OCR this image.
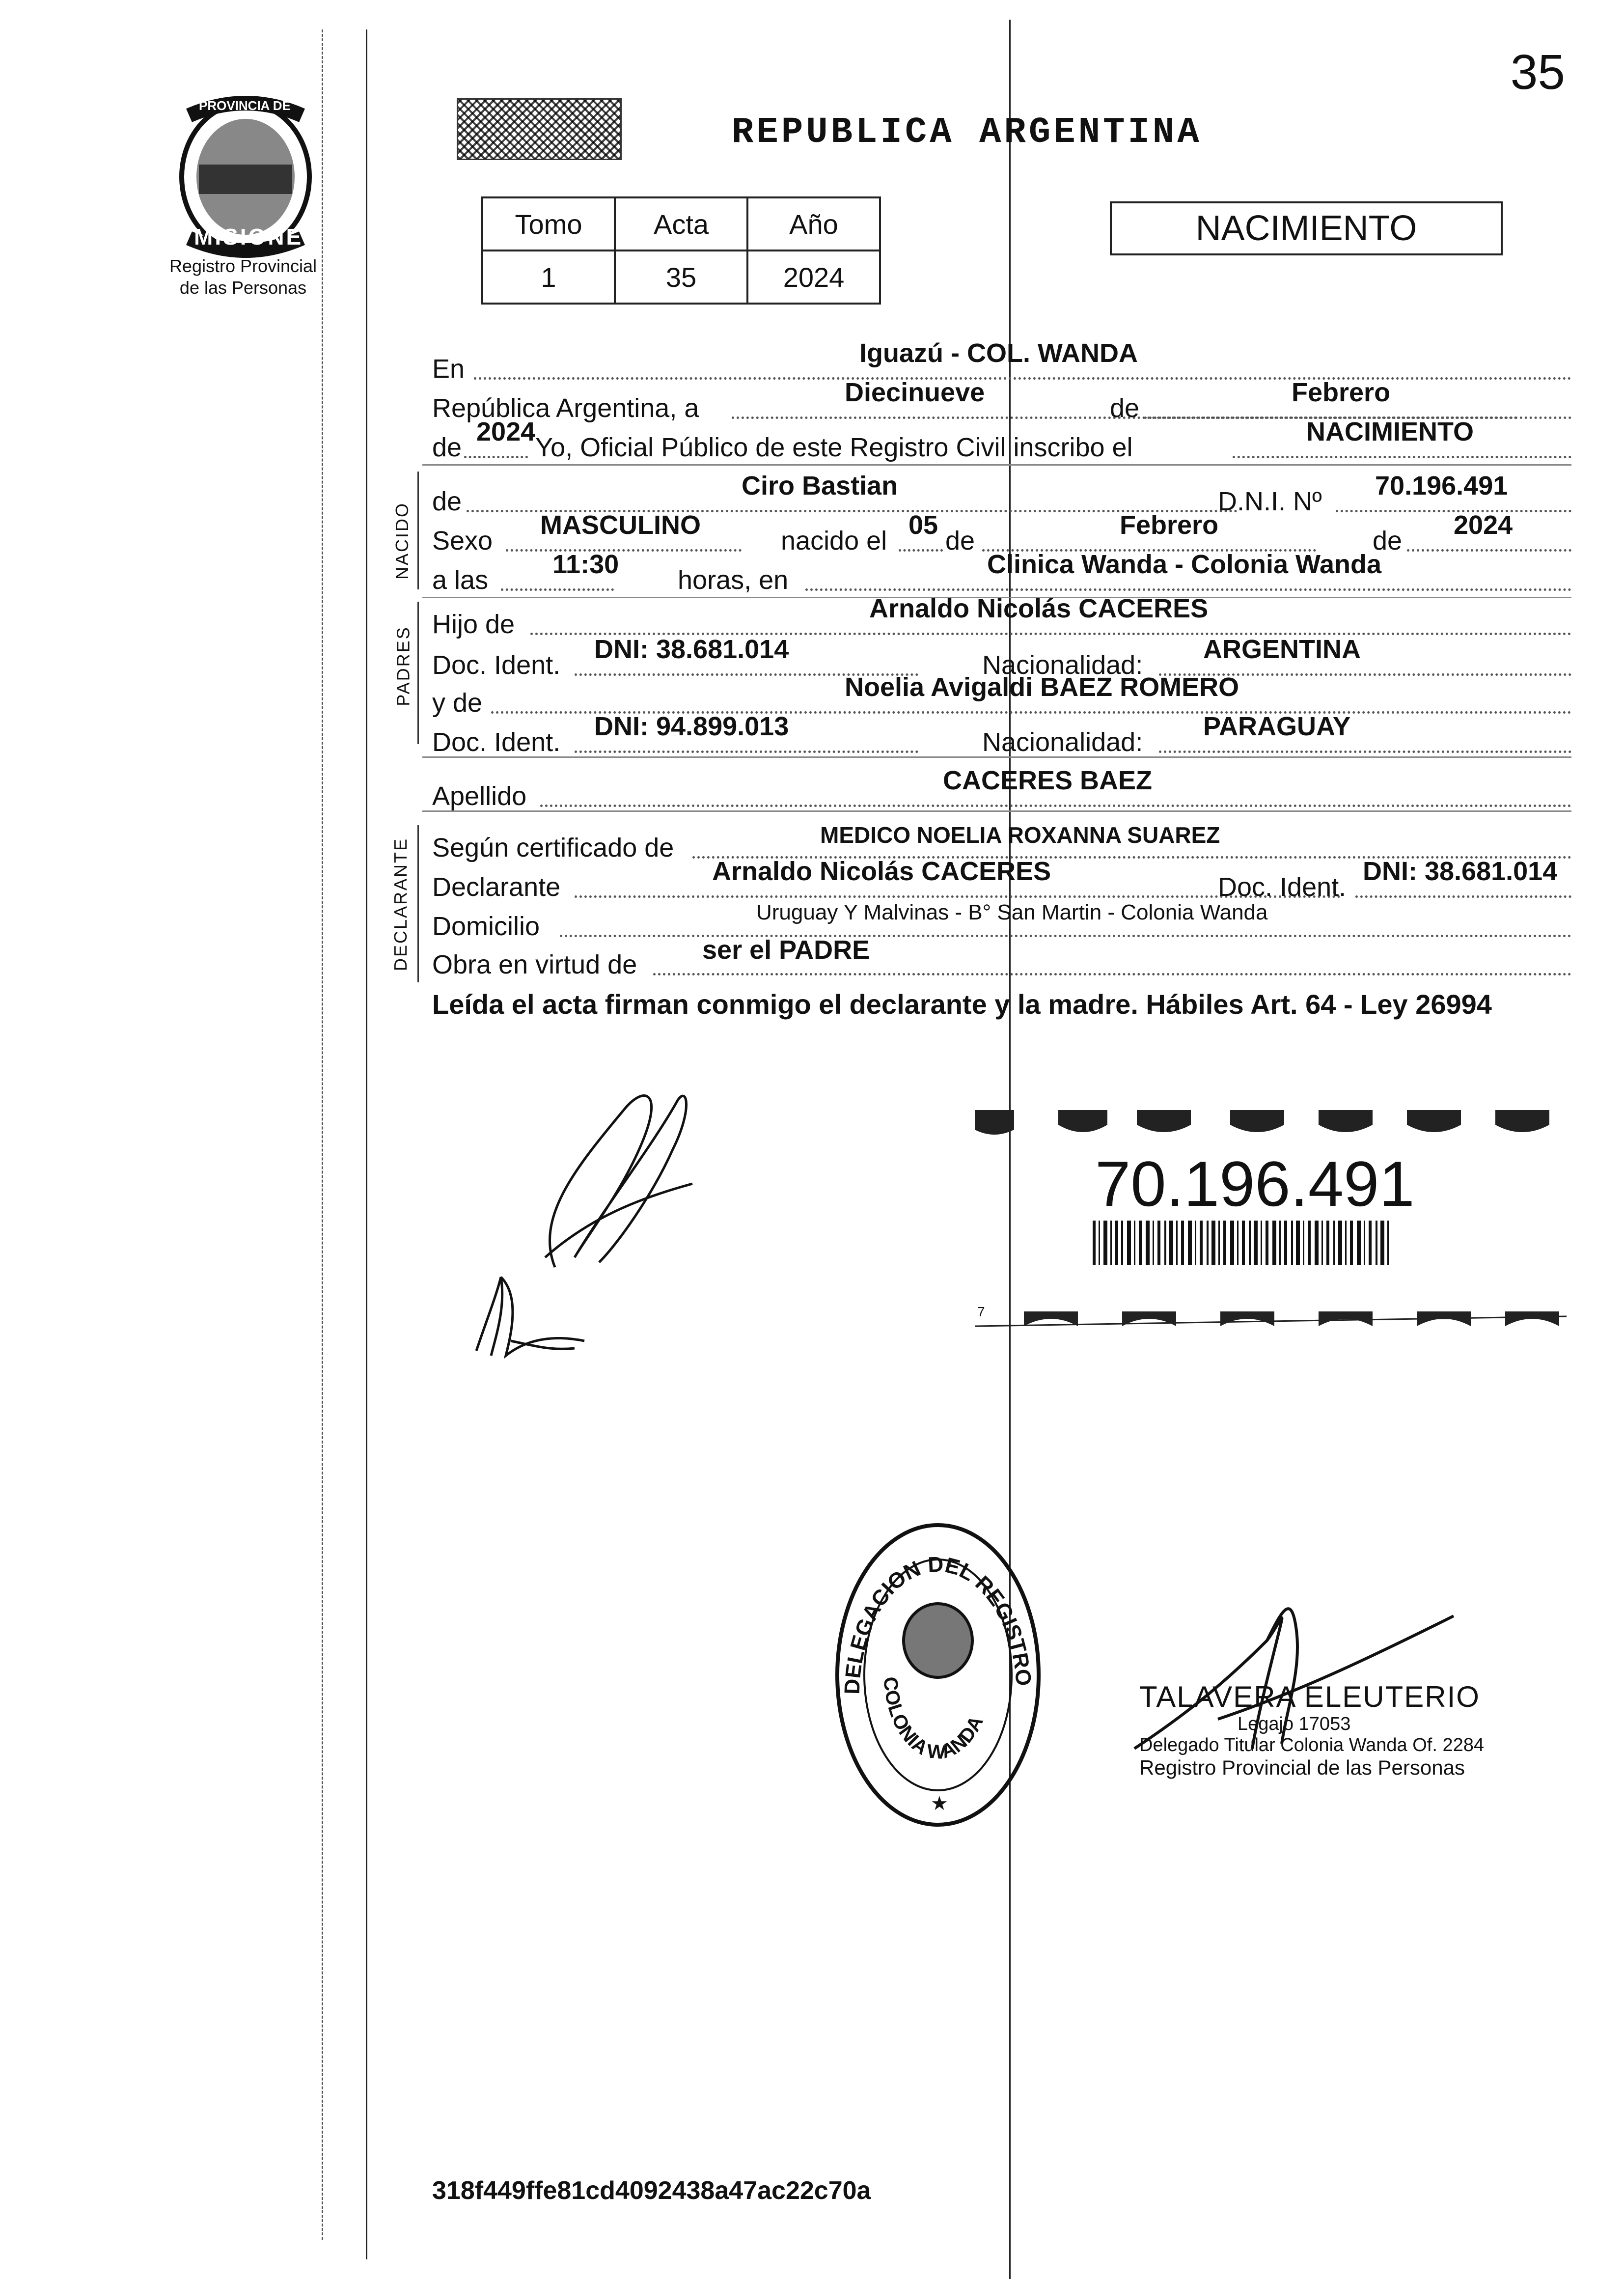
35
PROVINCIA DE
MISIONES
Registro Provincial
de las Personas
REPUBLICA ARGENTINA
Tomo	Acta	Año
1	35	2024
NACIMIENTO
En
Iguazú - COL. WANDA
República Argentina, a
Diecinueve
de
Febrero
de
2024
Yo, Oficial Público de este Registro Civil inscribo el
NACIMIENTO
NACIDO
de
Ciro Bastian
D.N.I. Nº
70.196.491
Sexo
MASCULINO
nacido el
05
de
Febrero
de
2024
a las
11:30
horas, en
Clinica Wanda - Colonia Wanda
PADRES
Hijo de
Arnaldo Nicolás CACERES
Doc. Ident.
DNI: 38.681.014
Nacionalidad:
ARGENTINA
y de
Noelia Avigaldi BAEZ ROMERO
Doc. Ident.
DNI: 94.899.013
Nacionalidad:
PARAGUAY
Apellido
CACERES BAEZ
DECLARANTE Según certificado de	MEDICO NOELIA ROXANNA SUAREZ
Declarante
Arnaldo Nicolás CACERES
Doc. Ident.
DNI: 38.681.014
Domicilio	Uruguay Y Malvinas - B° San Martin - Colonia Wanda
Obra en virtud de ser el PADRE
Leída el acta firman conmigo el declarante y la madre. Hábiles Art. 64 - Ley 26994
70.196.491
7
DELEGACION DEL REGISTRO
COLONIA WANDA
★
TALAVERA ELEUTERIO
Legajo 17053
Delegado Titular Colonia Wanda Of. 2284
Registro Provincial de las Personas
318f449ffe81cd4092438a47ac22c70a
